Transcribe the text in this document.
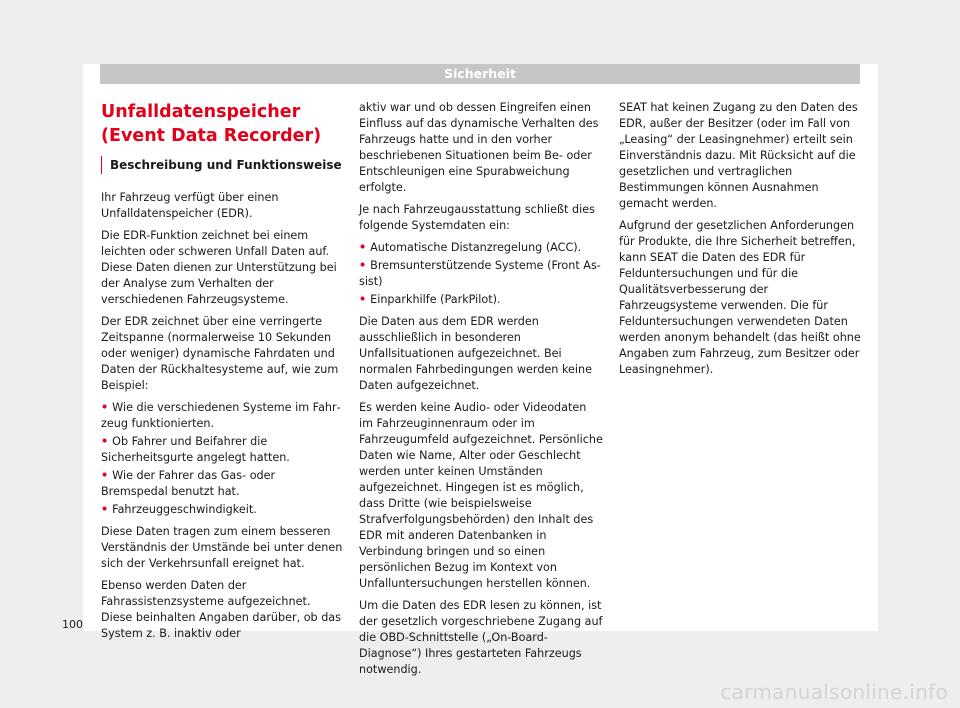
Sicherheit
Unfalldatenspeicher (Event Data Recorder)

Beschreibung und Funktionsweise

Ihr Fahrzeug verfügt über einen Unfalldatenspeicher (EDR).

Die EDR-Funktion zeichnet bei einem leichten oder schweren Unfall Daten auf. Diese Daten dienen zur Unterstützung bei der Analyse zum Verhalten der verschiedenen Fahrzeugsysteme.

Der EDR zeichnet über eine verringerte Zeitspanne (normalerweise 10 Sekunden oder weniger) dynamische Fahrdaten und Daten der Rückhaltesysteme auf, wie zum Beispiel:

• Wie die verschiedenen Systeme im Fahrzeug funktionierten.

• Ob Fahrer und Beifahrer die Sicherheitsgurte angelegt hatten.

• Wie der Fahrer das Gas- oder Bremspedal benutzt hat.

• Fahrzeuggeschwindigkeit.

Diese Daten tragen zum einem besseren Verständnis der Umstände bei unter denen sich der Verkehrsunfall ereignet hat.

Ebenso werden Daten der Fahrassistenzsysteme aufgezeichnet. Diese beinhalten Angaben darüber, ob das System z. B. inaktiv oder

aktiv war und ob dessen Eingreifen einen Einfluss auf das dynamische Verhalten des Fahrzeugs hatte und in den vorher beschriebenen Situationen beim Be- oder Entschleunigen eine Spurabweichung erfolgte.

Je nach Fahrzeugausstattung schließt dies folgende Systemdaten ein:

• Automatische Distanzregelung (ACC).

• Bremsunterstützende Systeme (Front Assist)

• Einparkhilfe (ParkPilot).

Die Daten aus dem EDR werden ausschließlich in besonderen Unfallsituationen aufgezeichnet. Bei normalen Fahrbedingungen werden keine Daten aufgezeichnet.

Es werden keine Audio- oder Videodaten im Fahrzeuginnenraum oder im Fahrzeugumfeld aufgezeichnet. Persönliche Daten wie Name, Alter oder Geschlecht werden unter keinen Umständen aufgezeichnet. Hingegen ist es möglich, dass Dritte (wie beispielsweise Strafverfolgungsbehörden) den Inhalt des EDR mit anderen Datenbanken in Verbindung bringen und so einen persönlichen Bezug im Kontext von Unfalluntersuchungen herstellen können.

Um die Daten des EDR lesen zu können, ist der gesetzlich vorgeschriebene Zugang auf die OBD-Schnittstelle („On-Board-Diagnose“) Ihres gestarteten Fahrzeugs notwendig.

SEAT hat keinen Zugang zu den Daten des EDR, außer der Besitzer (oder im Fall von „Leasing“ der Leasingnehmer) erteilt sein Einverständnis dazu. Mit Rücksicht auf die gesetzlichen und vertraglichen Bestimmungen können Ausnahmen gemacht werden.

Aufgrund der gesetzlichen Anforderungen für Produkte, die Ihre Sicherheit betreffen, kann SEAT die Daten des EDR für Felduntersuchungen und für die Qualitätsverbesserung der Fahrzeugsysteme verwenden. Die für Felduntersuchungen verwendeten Daten werden anonym behandelt (das heißt ohne Angaben zum Fahrzeug, zum Besitzer oder Leasingnehmer).

100
carmanualsonline.info
